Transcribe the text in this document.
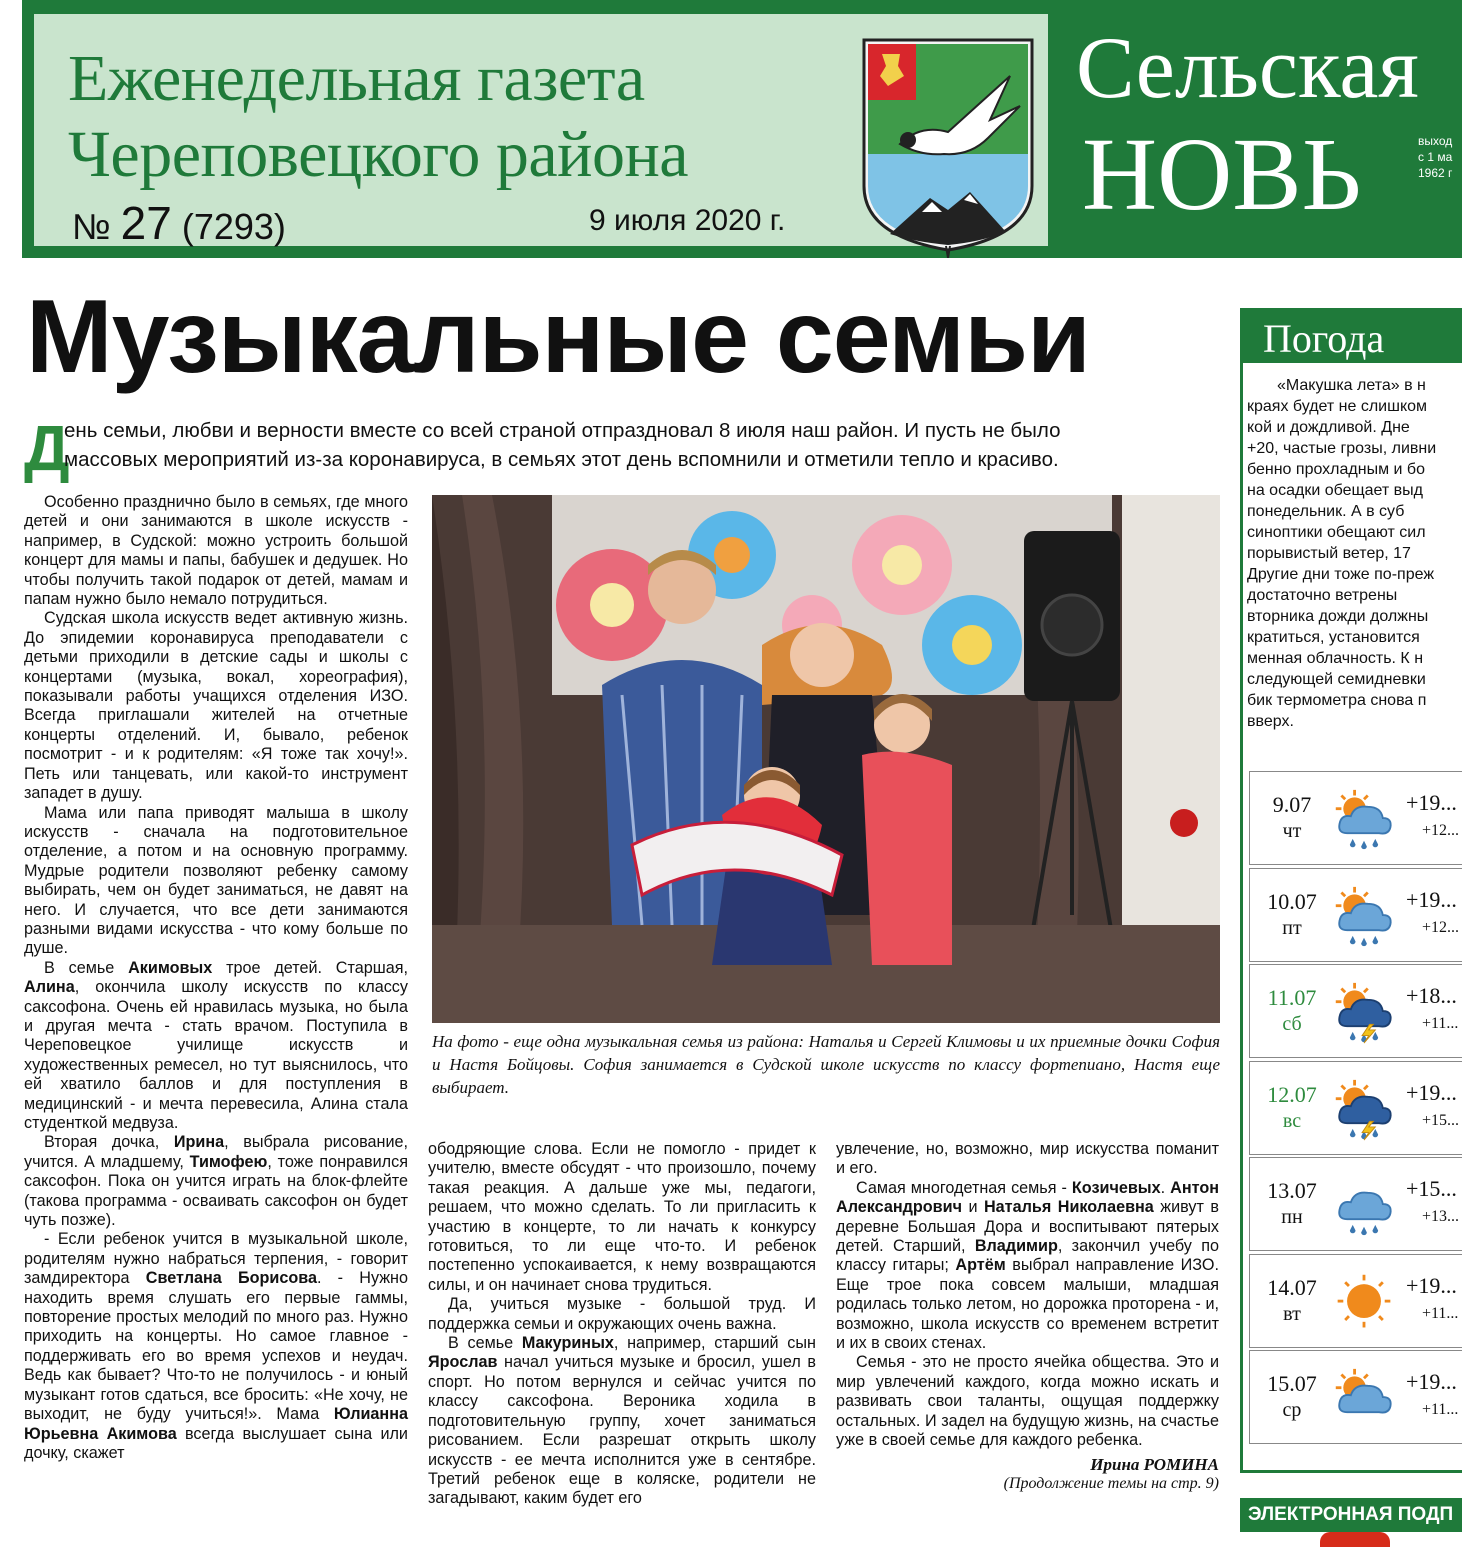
Еженедельная газета
Череповецкого района
№ 27 (7293)	9 июля 2020 г.
Сельская
НОВЬ	выход
с 1 ма
1962 г
Музыкальные семьи
Д
ень семьи, любви и верности вместе со всей страной отпраздновал 8 июля наш район. И пусть не было
массовых мероприятий из-за коронавируса, в семьях этот день вспомнили и отметили тепло и красиво.

Особенно празднично было в семьях, где много детей и они занимаются в школе искусств - например, в Судской: можно устроить большой концерт для мамы и папы, бабушек и дедушек. Но чтобы получить такой подарок от детей, мамам и папам нужно было немало потрудиться.

Судская школа искусств ведет активную жизнь. До эпидемии коронавируса преподаватели с детьми приходили в детские сады и школы с концертами (музыка, вокал, хореография), показывали работы учащихся отделения ИЗО. Всегда приглашали жителей на отчетные концерты отделений. И, бывало, ребенок посмотрит - и к родителям: «Я тоже так хочу!». Петь или танцевать, или какой-то инструмент западет в душу.

Мама или папа приводят малыша в школу искусств - сначала на подготовительное отделение, а потом и на основную программу. Мудрые родители позволяют ребенку самому выбирать, чем он будет заниматься, не давят на него. И случается, что все дети занимаются разными видами искусства - что кому больше по душе.

В семье Акимовых трое детей. Старшая, Алина, окончила школу искусств по классу саксофона. Очень ей нравилась музыка, но была и другая мечта - стать врачом. Поступила в Череповецкое училище искусств и художественных ремесел, но тут выяснилось, что ей хватило баллов и для поступления в медицинский - и мечта перевесила, Алина стала студенткой медвуза.

Вторая дочка, Ирина, выбрала рисование, учится. А младшему, Тимофею, тоже понравился саксофон. Пока он учится играть на блок-флейте (такова программа - осваивать саксофон он будет чуть позже).

- Если ребенок учится в музыкальной школе, родителям нужно набраться терпения, - говорит замдиректора Светлана Борисова. - Нужно находить время слушать его первые гаммы, повторение простых мелодий по много раз. Нужно приходить на концерты. Но самое главное - поддерживать его во время успехов и неудач. Ведь как бывает? Что-то не получилось - и юный музыкант готов сдаться, все бросить: «Не хочу, не выходит, не буду учиться!». Мама Юлианна Юрьевна Акимова всегда выслушает сына или дочку, скажет

На фото - еще одна музыкальная семья из района: Наталья и Сергей Климовы и их приемные дочки София и Настя Бойцовы. София занимается в Судской школе искусств по классу фортепиано, Настя еще выбирает.

ободряющие слова. Если не помогло - придет к учителю, вместе обсудят - что произошло, почему такая реакция. А дальше уже мы, педагоги, решаем, что можно сделать. То ли пригласить к участию в концерте, то ли начать к конкурсу готовиться, то ли еще что-то. И ребенок постепенно успокаивается, к нему возвращаются силы, и он начинает снова трудиться.

Да, учиться музыке - большой труд. И поддержка семьи и окружающих очень важна.

В семье Макуриных, например, старший сын Ярослав начал учиться музыке и бросил, ушел в спорт. Но потом вернулся и сейчас учится по классу саксофона. Вероника ходила в подготовительную группу, хочет заниматься рисованием. Если разрешат открыть школу искусств - ее мечта исполнится уже в сентябре. Третий ребенок еще в коляске, родители не загадывают, каким будет его

увлечение, но, возможно, мир искусства поманит и его.

Самая многодетная семья - Козичевых. Антон Александрович и Наталья Николаевна живут в деревне Большая Дора и воспитывают пятерых детей. Старший, Владимир, закончил учебу по классу гитары; Артём выбрал направление ИЗО. Еще трое пока совсем малыши, младшая родилась только летом, но дорожка проторена - и, возможно, школа искусств со временем встретит и их в своих стенах.

Семья - это не просто ячейка общества. Это и мир увлечений каждого, когда можно искать и развивать свои таланты, ощущая поддержку остальных. И задел на будущую жизнь, на счастье уже в своей семье для каждого ребенка.

Ирина РОМИНА
(Продолжение темы на стр. 9)
Погода
«Макушка лета» в н
краях будет не слишком
кой и дождливой. Дне
+20, частые грозы, ливни
бенно прохладным и бо
на осадки обещает выд
понедельник. А в суб
синоптики обещают сил
порывистый ветер, 17
Другие дни тоже по-преж
достаточно ветрены
вторника дожди должны
кратиться, установится
менная облачность. К н
следующей семидневки
бик термометра снова п
вверх.
9.07
чт
+19...
+12...
10.07
пт
+19...
+12...
11.07
сб
+18...
+11...
12.07
вс
+19...
+15...
13.07
пн
+15...
+13...
14.07
вт
+19...
+11...
15.07
ср
+19...
+11...
ЭЛЕКТРОННАЯ ПОДП
